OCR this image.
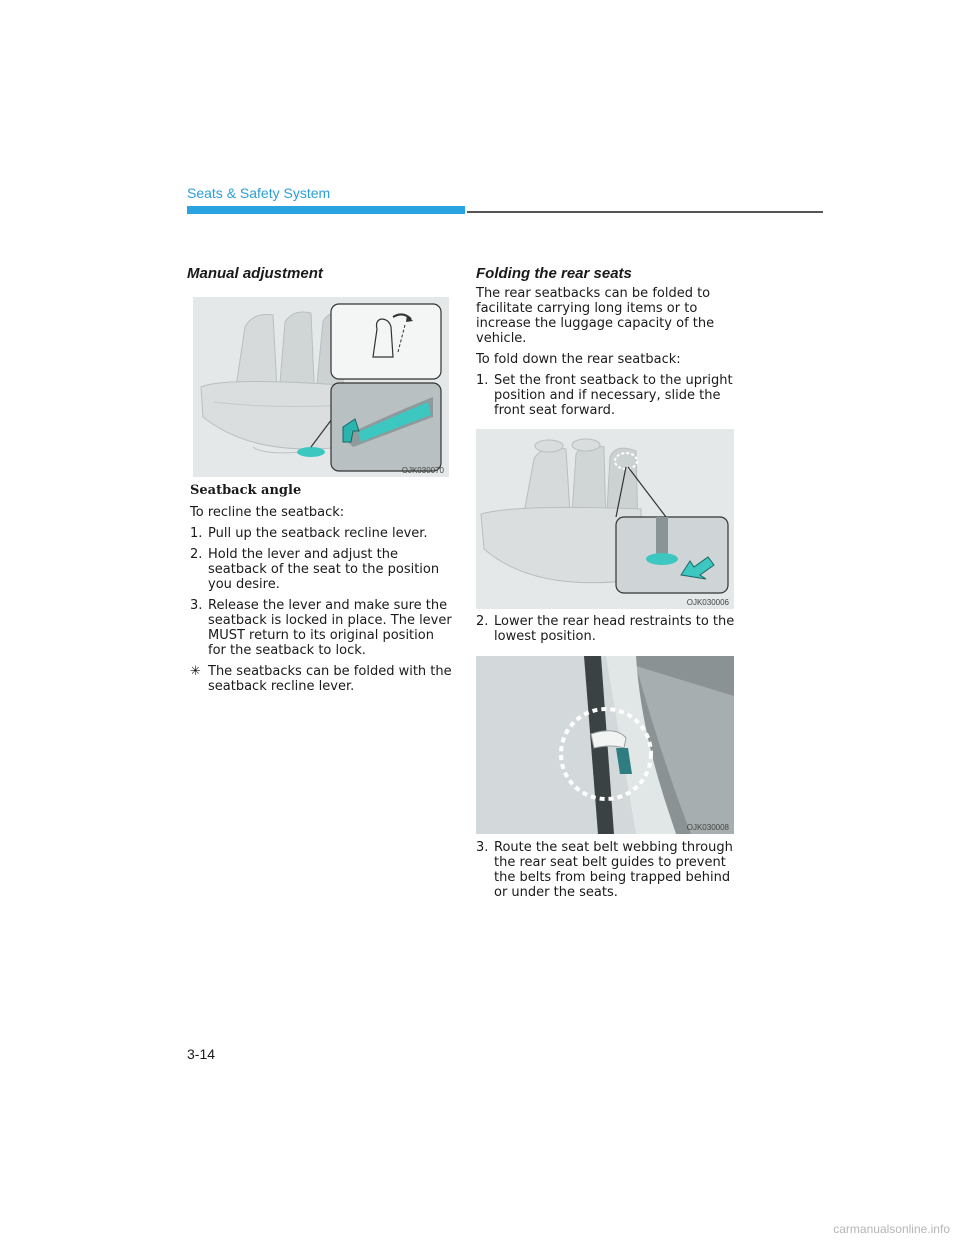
Seats & Safety System
Manual adjustment
OJK030070
Seatback angle

To recline the seatback:

1. Pull up the seatback recline lever.
2. Hold the lever and adjust the seatback of the seat to the position you desire.
3. Release the lever and make sure the seatback is locked in place. The lever MUST return to its original position for the seatback to lock.
✳ The seatbacks can be folded with the seatback recline lever.
Folding the rear seats

The rear seatbacks can be folded to facilitate carrying long items or to increase the luggage capacity of the vehicle.

To fold down the rear seatback:

1. Set the front seatback to the upright position and if necessary, slide the front seat forward.
OJK030006
2. Lower the rear head restraints to the lowest position.
OJK030008
3. Route the seat belt webbing through the rear seat belt guides to prevent the belts from being trapped behind or under the seats.
3-14
carmanualsonline.info
